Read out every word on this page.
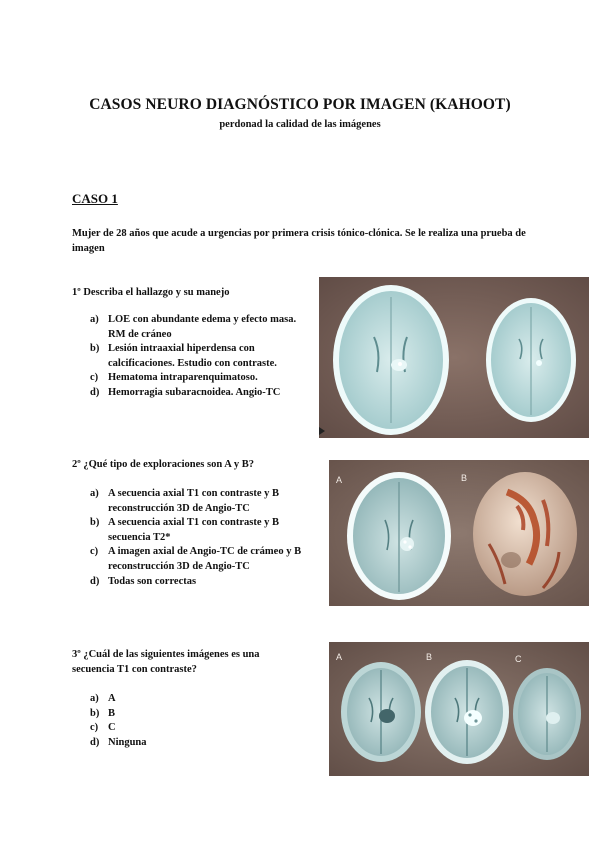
CASOS NEURO DIAGNÓSTICO POR IMAGEN (KAHOOT)
perdonad la calidad de las imágenes
CASO 1
Mujer de 28 años que acude a urgencias por primera crisis tónico-clónica. Se le realiza una prueba de imagen
1º Describa el hallazgo y su manejo
a) LOE con abundante edema y efecto masa. RM de cráneo
b) Lesión intraaxial hiperdensa con calcificaciones. Estudio con contraste.
c) Hematoma intraparenquimatoso.
d) Hemorragia subaracnoidea. Angio-TC
2º ¿Qué tipo de exploraciones son A y B?
a) A secuencia axial T1 con contraste y B reconstrucción 3D de Angio-TC
b) A secuencia axial T1 con contraste y B secuencia T2*
c) A imagen axial de Angio-TC de crámeo y B reconstrucción 3D de Angio-TC
d) Todas son correctas
A	B
3º ¿Cuál de las siguientes imágenes es una
secuencia T1 con contraste?
a) A
b) B
c) C
d) Ninguna
A	B	C
